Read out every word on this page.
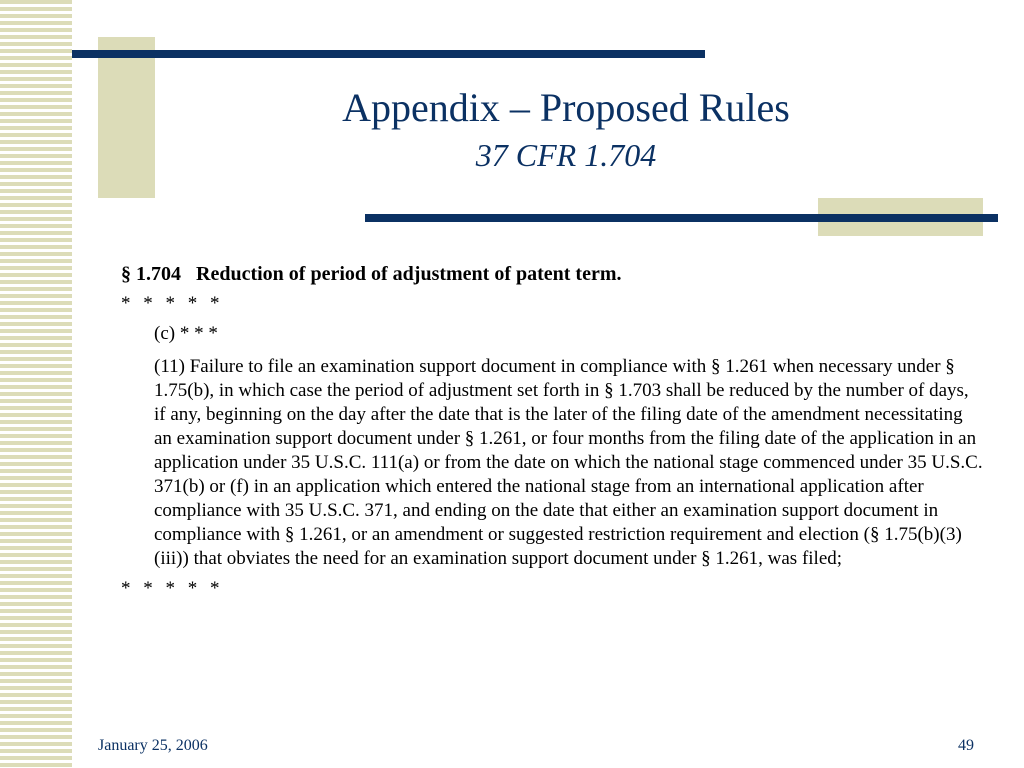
Appendix – Proposed Rules
37 CFR 1.704
§ 1.704   Reduction of period of adjustment of patent term.
* * * * *
(c) * * *
(11) Failure to file an examination support document in compliance with § 1.261 when necessary under § 1.75(b), in which case the period of adjustment set forth in § 1.703 shall be reduced by the number of days, if any, beginning on the day after the date that is the later of the filing date of the amendment necessitating an examination support document under § 1.261, or four months from the filing date of the application in an application under 35 U.S.C. 111(a) or from the date on which the national stage commenced under 35 U.S.C. 371(b) or (f) in an application which entered the national stage from an international application after compliance with 35 U.S.C. 371, and ending on the date that either an examination support document in compliance with § 1.261, or an amendment or suggested restriction requirement and election (§ 1.75(b)(3)(iii)) that obviates the need for an examination support document under § 1.261, was filed;
* * * * *
January 25, 2006	49
